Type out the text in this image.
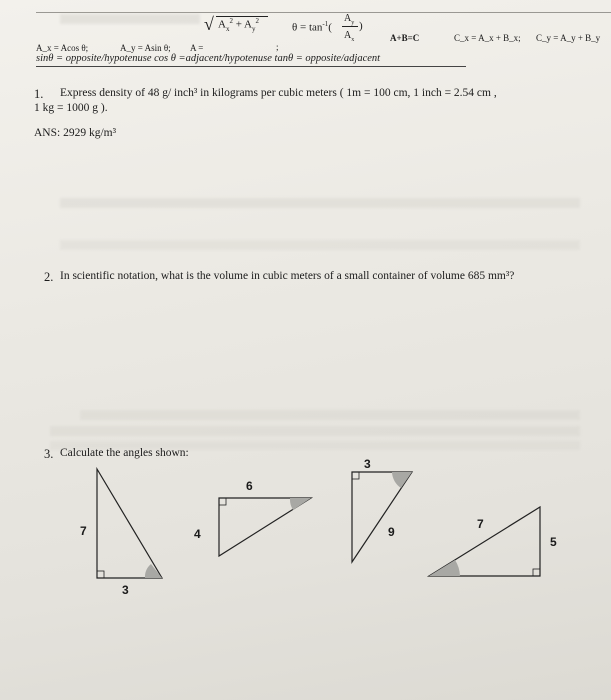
√ $A_x^2 + A_y^2$
$\theta = \tan^{-1}$(
$A_y$
$A_x$
)
A+B=C	C_x = A_x + B_x; C_y = A_y + B_y
A_x = Acos θ;	A_y = Asin θ; A =	;
sinθ = opposite/hypotenuse cos θ =adjacent/hypotenuse tanθ = opposite/adjacent
1. Express density of 48 g/ inch³ in kilograms per cubic meters ( 1m = 100 cm, 1 inch = 2.54 cm ,
1 kg = 1000 g ).
ANS: 2929 kg/m³
2. In scientific notation, what is the volume in cubic meters of a small container of volume 685 mm³?
3. Calculate the angles shown:
7
3
6
4
3
9
7
5
